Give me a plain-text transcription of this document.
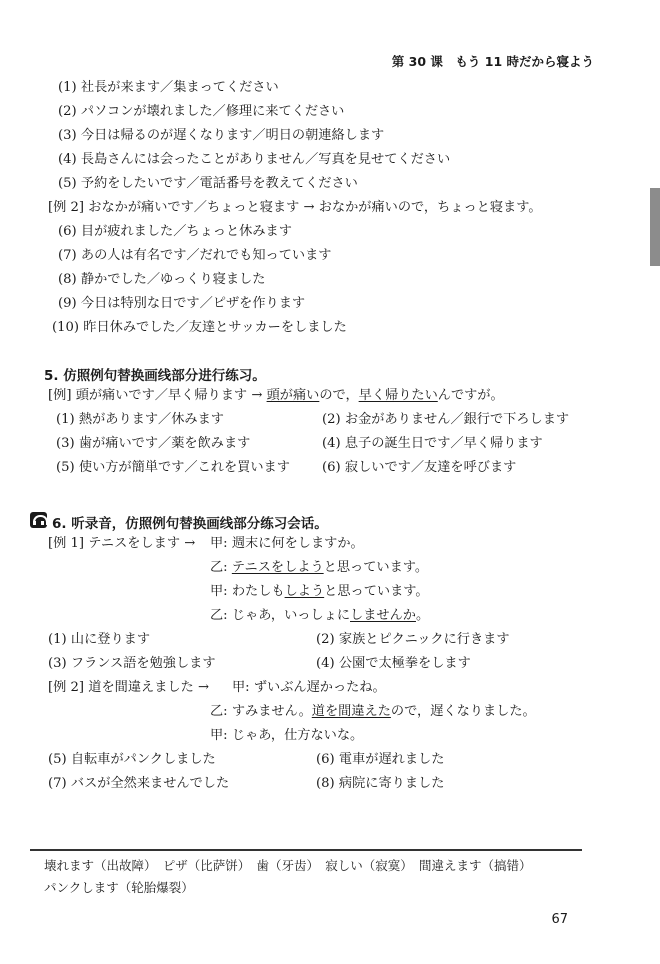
第 30 课　もう 11 時だから寝よう
(1) 社長が来ます／集まってください
(2) パソコンが壊れました／修理に来てください
(3) 今日は帰るのが遅くなります／明日の朝連絡します
(4) 長島さんには会ったことがありません／写真を見せてください
(5) 予約をしたいです／電話番号を教えてください
[例 2] おなかが痛いです／ちょっと寝ます → おなかが痛いので，ちょっと寝ます。
(6) 目が疲れました／ちょっと休みます
(7) あの人は有名です／だれでも知っています
(8) 静かでした／ゆっくり寝ました
(9) 今日は特別な日です／ピザを作ります
(10) 昨日休みでした／友達とサッカーをしました
5. 仿照例句替换画线部分进行练习。
[例] 頭が痛いです／早く帰ります → 頭が痛いので，早く帰りたいんですが。
(1) 熱があります／休みます	(2) お金がありません／銀行で下ろします
(3) 歯が痛いです／薬を飲みます	(4) 息子の誕生日です／早く帰ります
(5) 使い方が簡単です／これを買います (6) 寂しいです／友達を呼びます
6. 听录音，仿照例句替换画线部分练习会话。
[例 1] テニスをします → 甲: 週末に何をしますか。
乙: テニスをしようと思っています。
甲: わたしもしようと思っています。
乙: じゃあ，いっしょにしませんか。
(1) 山に登ります	(2) 家族とピクニックに行きます
(3) フランス語を勉強します	(4) 公園で太極拳をします
[例 2] 道を間違えました → 甲: ずいぶん遅かったね。
乙: すみません。道を間違えたので，遅くなりました。
甲: じゃあ，仕方ないな。
(5) 自転車がパンクしました	(6) 電車が遅れました
(7) バスが全然来ませんでした	(8) 病院に寄りました
壊れます（出故障）　ピザ（比萨饼）　歯（牙齿）　寂しい（寂寞）　間違えます（搞错）
パンクします（轮胎爆裂）
67
